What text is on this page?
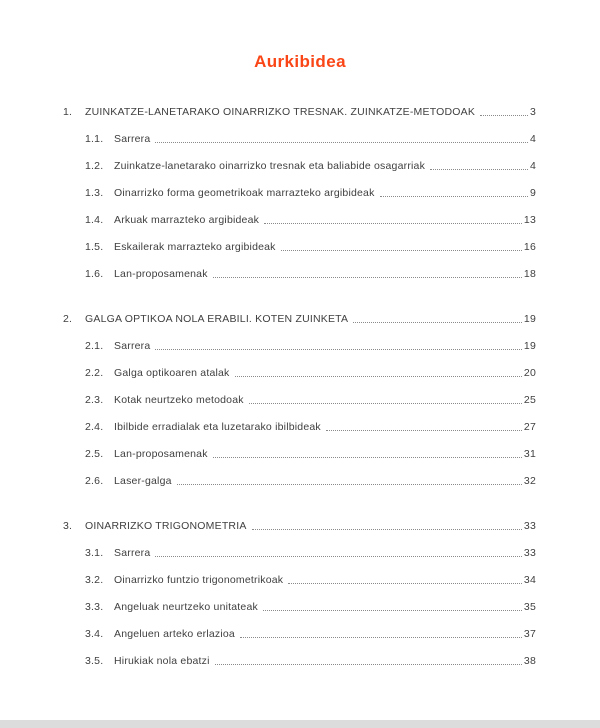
Aurkibidea
1.	ZUINKATZE-LANETARAKO OINARRIZKO TRESNAK. ZUINKATZE-METODOAK	3
1.1.	Sarrera	4
1.2.	Zuinkatze-lanetarako oinarrizko tresnak eta baliabide osagarriak	4
1.3.	Oinarrizko forma geometrikoak marrazteko argibideak	9
1.4.	Arkuak marrazteko argibideak	13
1.5.	Eskailerak marrazteko argibideak	16
1.6.	Lan-proposamenak	18
2.	GALGA OPTIKOA NOLA ERABILI. KOTEN ZUINKETA	19
2.1.	Sarrera	19
2.2.	Galga optikoaren atalak	20
2.3.	Kotak neurtzeko metodoak	25
2.4.	Ibilbide erradialak eta luzetarako ibilbideak	27
2.5.	Lan-proposamenak	31
2.6.	Laser-galga	32
3.	OINARRIZKO TRIGONOMETRIA	33
3.1.	Sarrera	33
3.2.	Oinarrizko funtzio trigonometrikoak	34
3.3.	Angeluak neurtzeko unitateak	35
3.4.	Angeluen arteko erlazioa	37
3.5.	Hirukiak nola ebatzi	38
